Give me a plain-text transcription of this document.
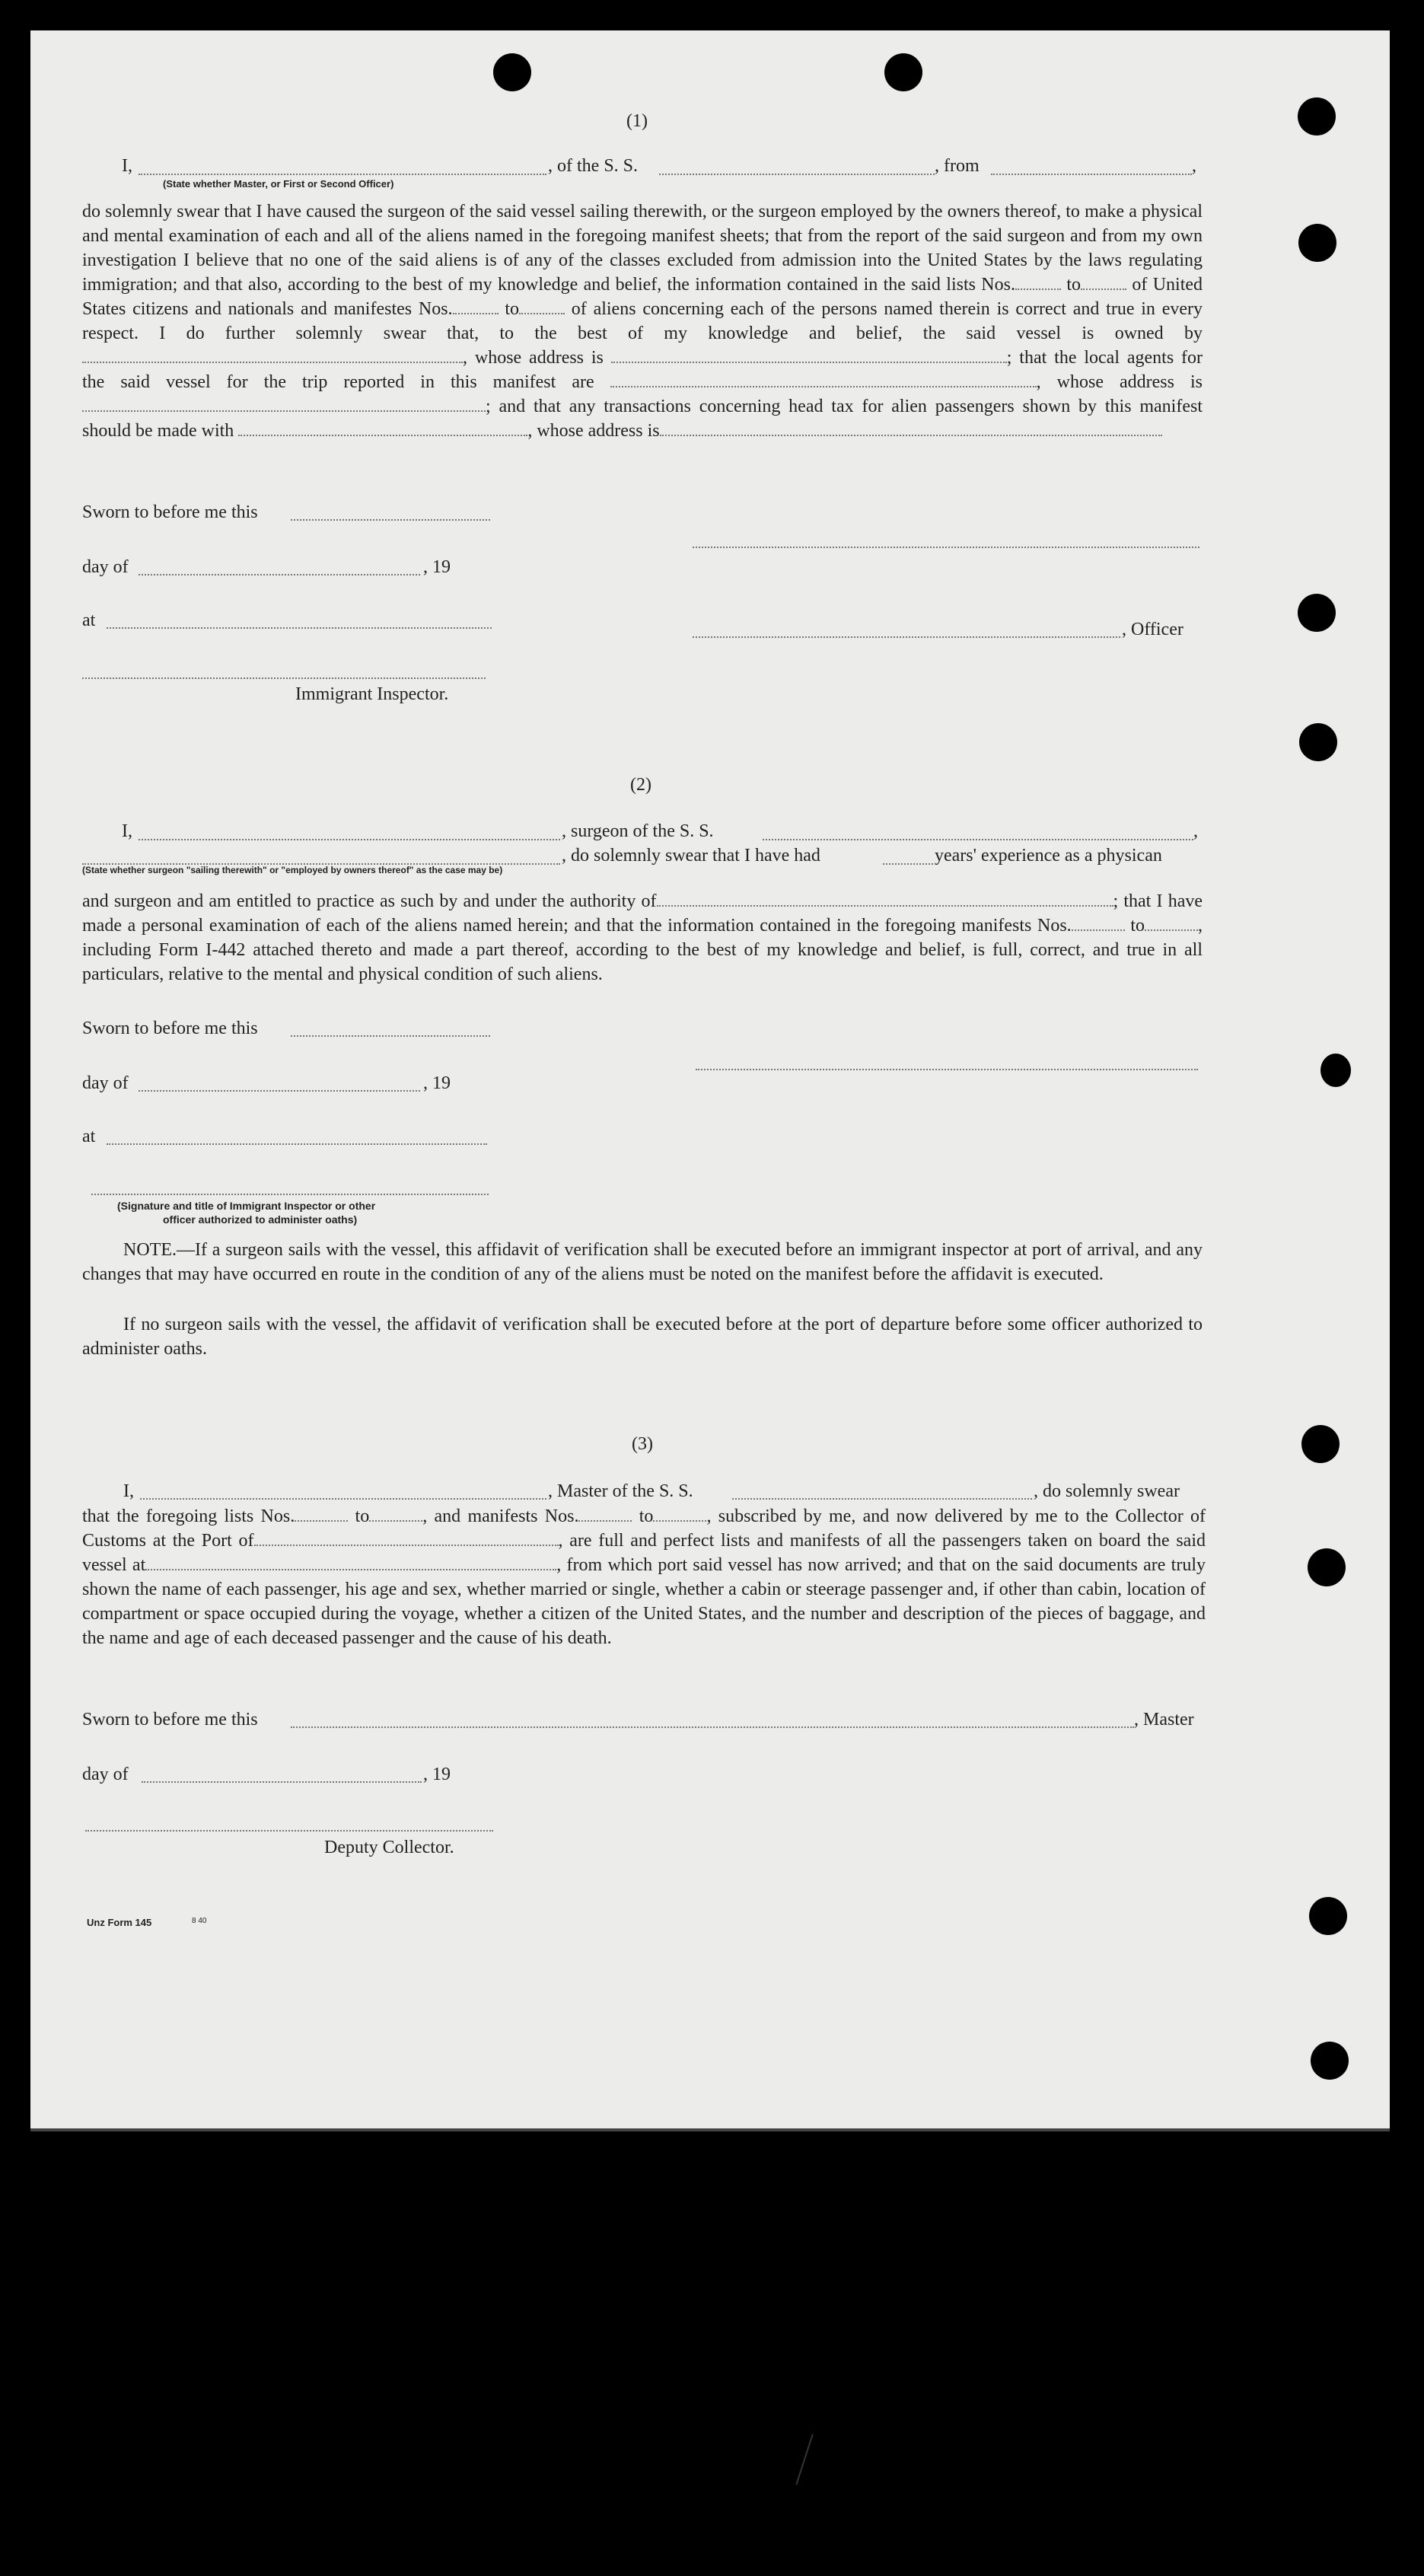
(1)
I,	, of the S. S.	, from	,
(State whether Master, or First or Second Officer)
do solemnly swear that I have caused the surgeon of the said vessel sailing therewith, or the surgeon employed by the owners thereof, to make a physical and mental examination of each and all of the aliens named in the foregoing manifest sheets; that from the report of the said surgeon and from my own investigation I believe that no one of the said aliens is of any of the classes excluded from admission into the United States by the laws regulating immigration; and that also, according to the best of my knowledge and belief, the information contained in the said lists Nos.	to	of United States citizens and nationals and manifestes Nos.	to	of aliens concerning each of the persons named therein is correct and true in every respect. I do further solemnly swear that, to the best of my knowledge and belief, the said vessel is owned by, whose address is	; that the local agents for the said vessel for the trip reported in this manifest are	, whose address is; and that any transactions concerning head tax for alien passengers shown by this manifest should be made with	, whose address is
Sworn to before me this
day of	, 19
at	, Officer
Immigrant Inspector.
(2)
I,	, surgeon of the S. S.	,
, do solemnly swear that I have had	years' experience as a physican
(State whether surgeon "sailing therewith" or "employed by owners thereof" as the case may be)
and surgeon and am entitled to practice as such by and under the authority of	; that I have made a personal examination of each of the aliens named herein; and that the information contained in the foregoing manifests Nos.	to	, including Form I-442 attached thereto and made a part thereof, according to the best of my knowledge and belief, is full, correct, and true in all particulars, relative to the mental and physical condition of such aliens.
Sworn to before me this
day of	, 19
at
(Signature and title of Immigrant Inspector or other
officer authorized to administer oaths)
NOTE.—If a surgeon sails with the vessel, this affidavit of verification shall be executed before an immigrant inspector at port of arrival, and any changes that may have occurred en route in the condition of any of the aliens must be noted on the manifest before the affidavit is executed.
If no surgeon sails with the vessel, the affidavit of verification shall be executed before at the port of departure before some officer authorized to administer oaths.
(3)
I,	, Master of the S. S.	, do solemnly swear
that the foregoing lists Nos.	to	, and manifests Nos.	to	, subscribed by me, and now delivered by me to the Collector of Customs at the Port of	, are full and perfect lists and manifests of all the passengers taken on board the said vessel at	, from which port said vessel has now arrived; and that on the said documents are truly shown the name of each passenger, his age and sex, whether married or single, whether a cabin or steerage passenger and, if other than cabin, location of compartment or space occupied during the voyage, whether a citizen of the United States, and the number and description of the pieces of baggage, and the name and age of each deceased passenger and the cause of his death.
Sworn to before me this	, Master
day of	, 19
Deputy Collector.
Unz Form 145	8 40
